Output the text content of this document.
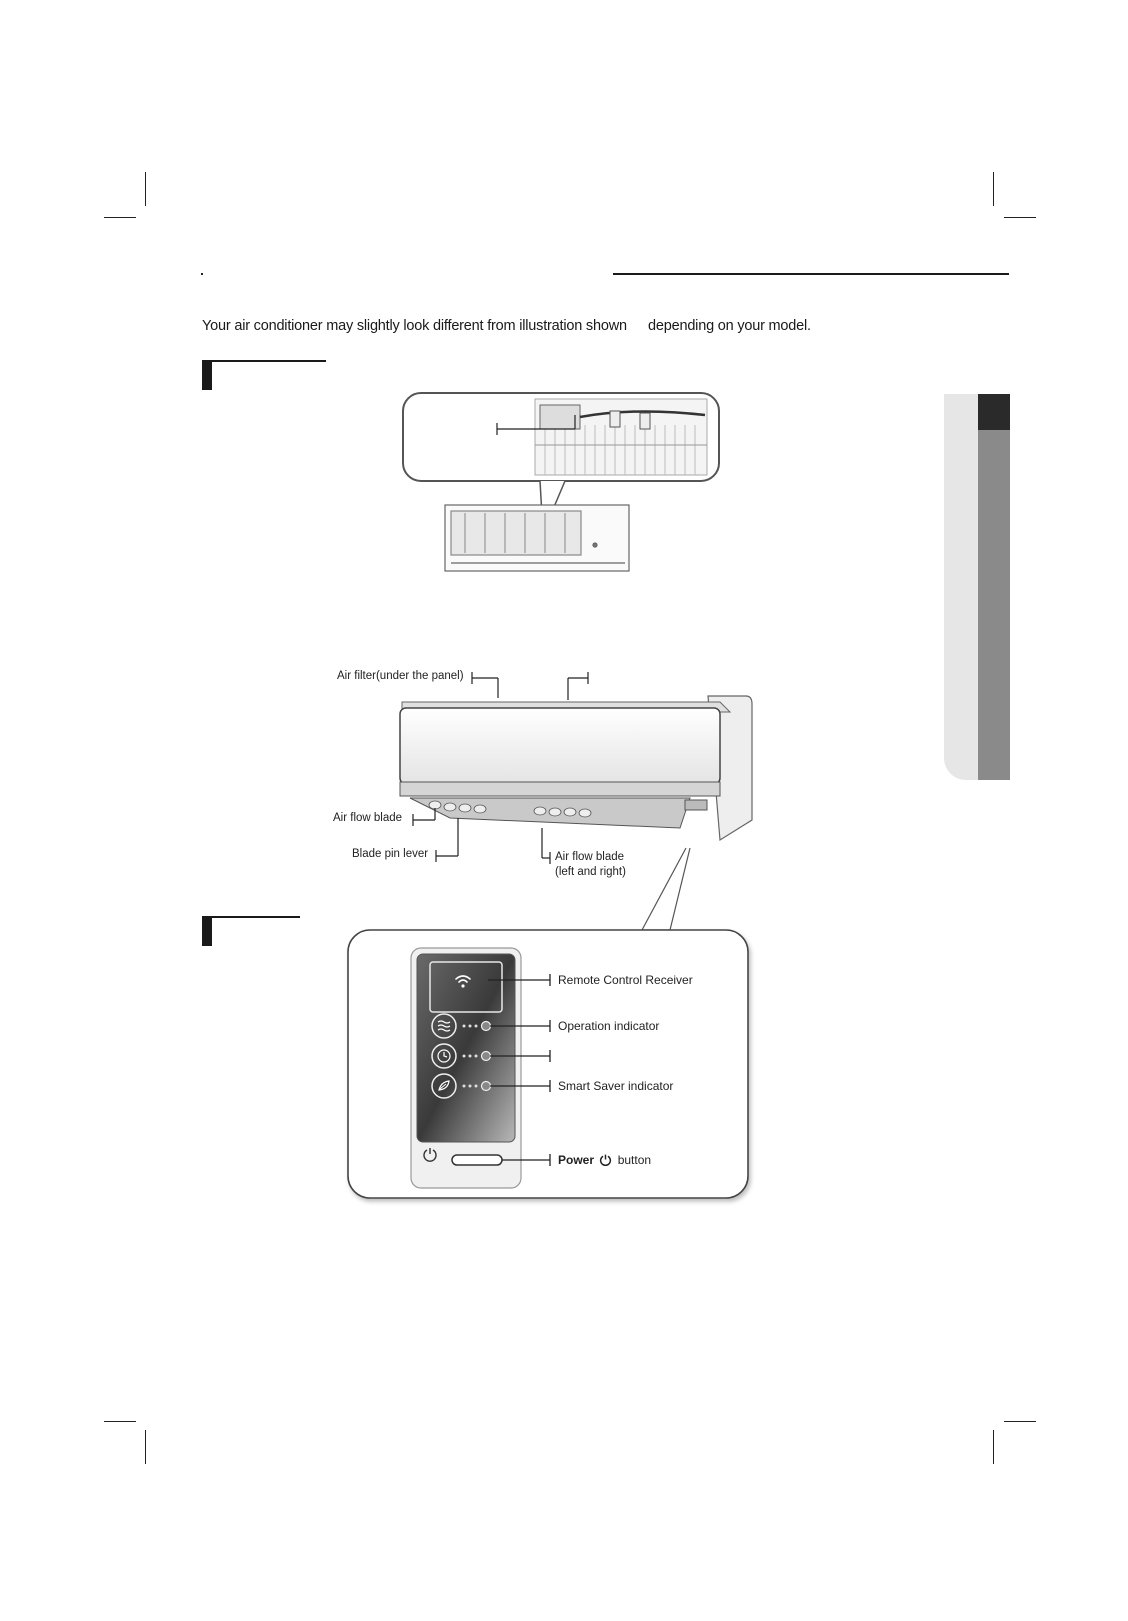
Your air conditioner may slightly look different from illustration shown depending on your model.
Air filter(under the panel)
Air flow blade
Blade pin lever	Air flow blade
(left and right)
Remote Control Receiver
Operation indicator
Smart Saver indicator
Power button
